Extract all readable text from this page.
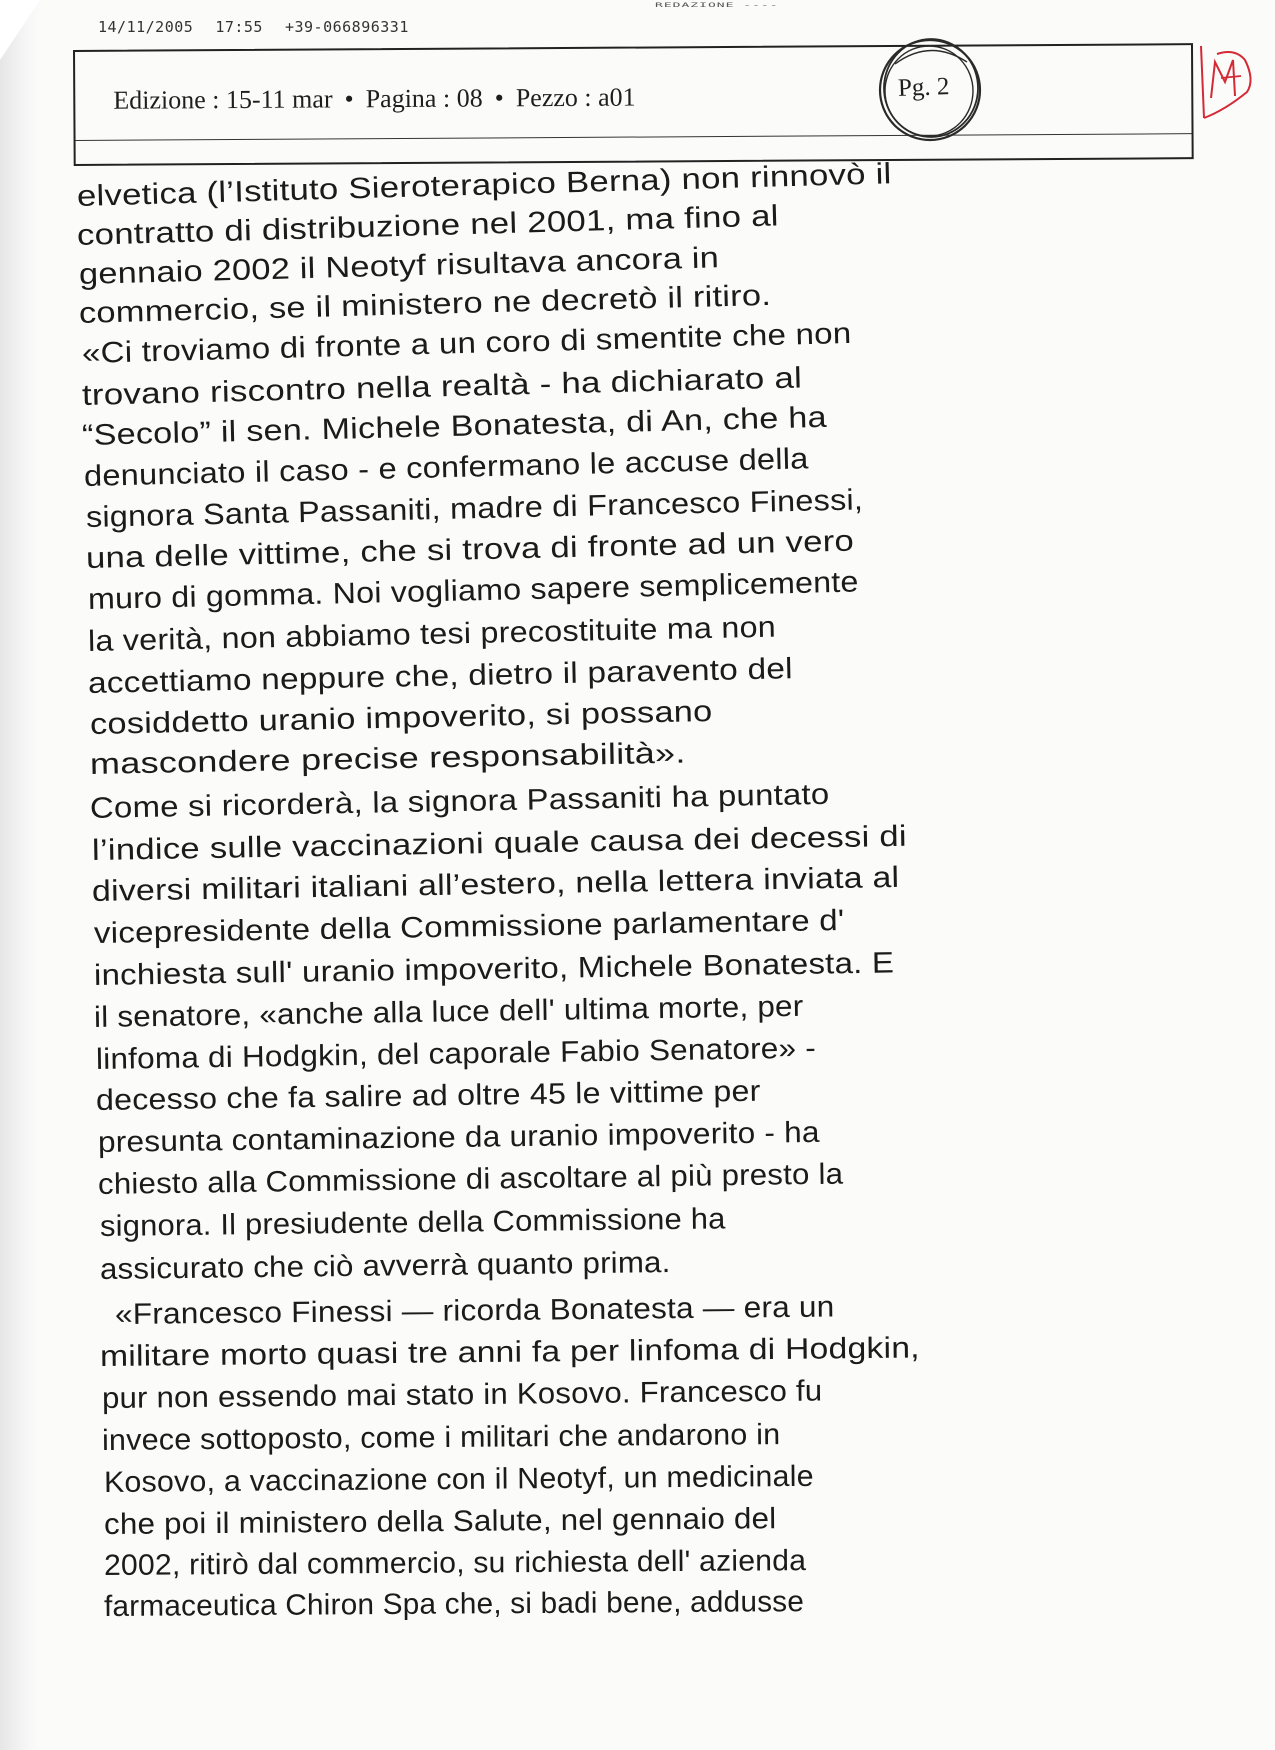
14/11/2005 17:55 +39-066896331
REDAZIONE ----
Edizione : 15-11 mar • Pagina : 08 • Pezzo : a01	Pg. 2
elvetica (l’Istituto Sieroterapico Berna) non rinnovò il
contratto di distribuzione nel 2001, ma fino al
gennaio 2002 il Neotyf risultava ancora in
commercio, se il ministero ne decretò il ritiro.
«Ci troviamo di fronte a un coro di smentite che non
trovano riscontro nella realtà - ha dichiarato al
“Secolo” il sen. Michele Bonatesta, di An, che ha
denunciato il caso - e confermano le accuse della
signora Santa Passaniti, madre di Francesco Finessi,
una delle vittime, che si trova di fronte ad un vero
muro di gomma. Noi vogliamo sapere semplicemente
la verità, non abbiamo tesi precostituite ma non
accettiamo neppure che, dietro il paravento del
cosiddetto uranio impoverito, si possano
mascondere precise responsabilità».
Come si ricorderà, la signora Passaniti ha puntato
l’indice sulle vaccinazioni quale causa dei decessi di
diversi militari italiani all’estero, nella lettera inviata al
vicepresidente della Commissione parlamentare d'
inchiesta sull' uranio impoverito, Michele Bonatesta. E
il senatore, «anche alla luce dell' ultima morte, per
linfoma di Hodgkin, del caporale Fabio Senatore» -
decesso che fa salire ad oltre 45 le vittime per
presunta contaminazione da uranio impoverito - ha
chiesto alla Commissione di ascoltare al più presto la
signora. Il presiudente della Commissione ha
assicurato che ciò avverrà quanto prima.
«Francesco Finessi — ricorda Bonatesta — era un
militare morto quasi tre anni fa per linfoma di Hodgkin,
pur non essendo mai stato in Kosovo. Francesco fu
invece sottoposto, come i militari che andarono in
Kosovo, a vaccinazione con il Neotyf, un medicinale
che poi il ministero della Salute, nel gennaio del
2002, ritirò dal commercio, su richiesta dell' azienda
farmaceutica Chiron Spa che, si badi bene, addusse
